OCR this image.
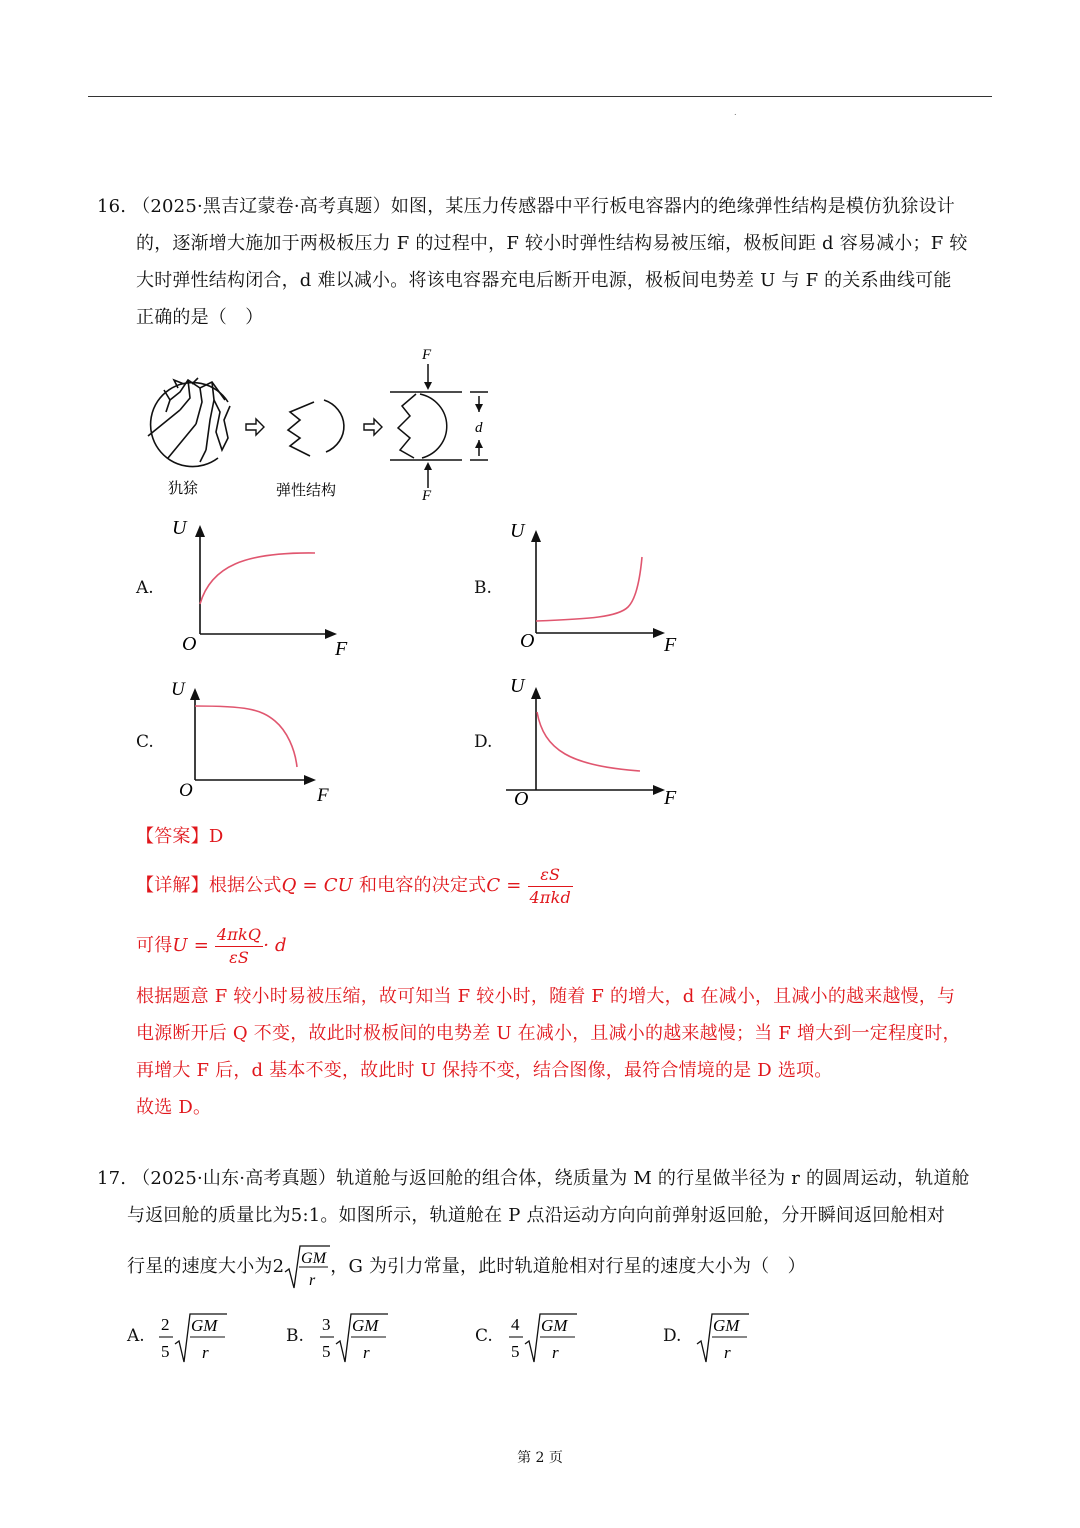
.
16. （2025·黑吉辽蒙卷·高考真题）如图，某压力传感器中平行板电容器内的绝缘弹性结构是模仿犰狳设计
的，逐渐增大施加于两极板压力 F 的过程中，F 较小时弹性结构易被压缩，极板间距 d 容易减小；F 较
大时弹性结构闭合，d 难以减小。将该电容器充电后断开电源，极板间电势差 U 与 F 的关系曲线可能
正确的是（　）
犰狳	弹性结构
F
F
d
A.
U
O	F
B.
U
O	F
C.
U
O	F
D.
U
O	F
【答案】D
【详解】根据公式Q = CU 和电容的决定式$C = \frac{\varepsilon S}{\text{4πkd}}$
可得$U = \frac{\text{4πkQ}}{\varepsilon S} \cdot d$
根据题意 F 较小时易被压缩，故可知当 F 较小时，随着 F 的增大，d 在减小，且减小的越来越慢，与
电源断开后 Q 不变，故此时极板间的电势差 U 在减小，且减小的越来越慢；当 F 增大到一定程度时，
再增大 F 后，d 基本不变，故此时 U 保持不变，结合图像，最符合情境的是 D 选项。
故选 D。
17. （2025·山东·高考真题）轨道舱与返回舱的组合体，绕质量为 M 的行星做半径为 r 的圆周运动，轨道舱
与返回舱的质量比为5:1。如图所示，轨道舱在 P 点沿运动方向向前弹射返回舱，分开瞬间返回舱相对
行星的速度大小为2 GM
r
，G 为引力常量，此时轨道舱相对行星的速度大小为（　）
A.
2
5
GM
r
B.
3
5
GM
r
C.
4
5
GM
r
D.
GM
r
第 2 页
